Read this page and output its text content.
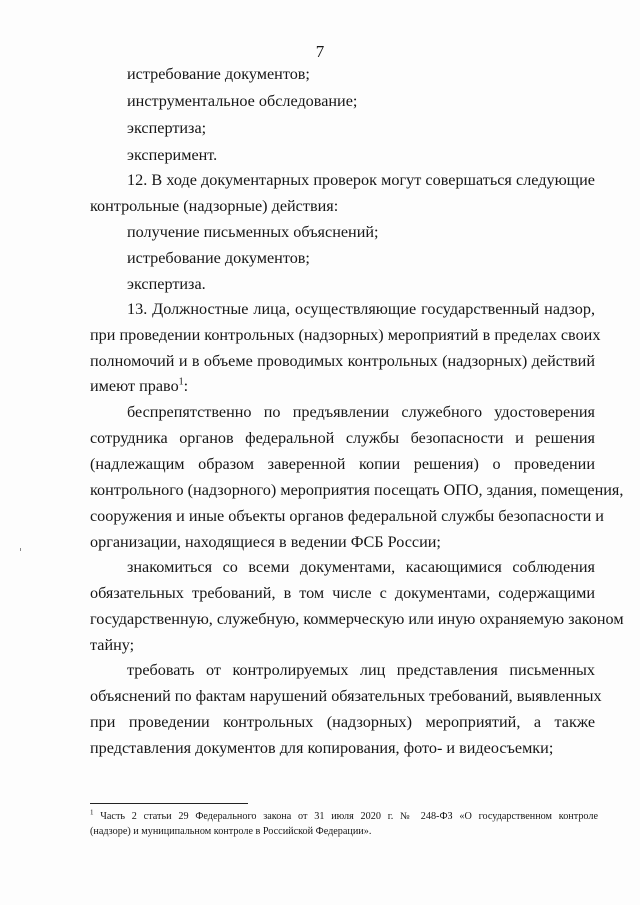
7
истребование документов;
инструментальное обследование;
экспертиза;
эксперимент.
12. В ходе документарных проверок могут совершаться следующие
контрольные (надзорные) действия:
получение письменных объяснений;
истребование документов;
экспертиза.
13. Должностные лица, осуществляющие государственный надзор,
при проведении контрольных (надзорных) мероприятий в пределах своих
полномочий и в объеме проводимых контрольных (надзорных) действий
имеют право$^1$:
беспрепятственно по предъявлении служебного удостоверения
сотрудника органов федеральной службы безопасности и решения
(надлежащим образом заверенной копии решения) о проведении
контрольного (надзорного) мероприятия посещать ОПО, здания, помещения,
сооружения и иные объекты органов федеральной службы безопасности и
организации, находящиеся в ведении ФСБ России;
знакомиться со всеми документами, касающимися соблюдения
обязательных требований, в том числе с документами, содержащими
государственную, служебную, коммерческую или иную охраняемую законом
тайну;
требовать от контролируемых лиц представления письменных
объяснений по фактам нарушений обязательных требований, выявленных
при проведении контрольных (надзорных) мероприятий, а также
представления документов для копирования, фото- и видеосъемки;
$^1$ Часть 2 статьи 29 Федерального закона от 31 июля 2020 г. № 248-ФЗ «О государственном контроле
(надзоре) и муниципальном контроле в Российской Федерации».
